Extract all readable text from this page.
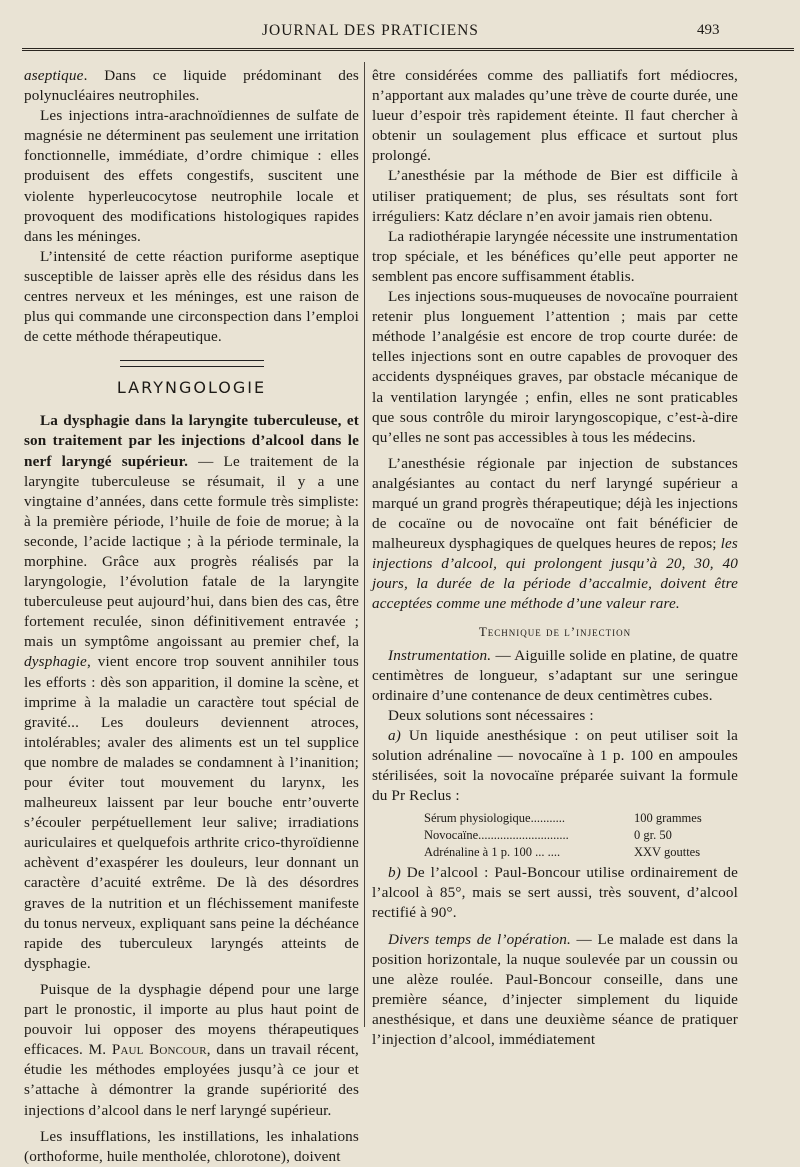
JOURNAL DES PRATICIENS	493

aseptique. Dans ce liquide prédominant des polynucléaires neutrophiles.

Les injections intra-arachnoïdiennes de sulfate de magnésie ne déterminent pas seulement une irritation fonctionnelle, immédiate, d’ordre chimique : elles produisent des effets congestifs, suscitent une violente hyperleucocytose neutrophile locale et provoquent des modifications histologiques rapides dans les méninges.

L’intensité de cette réaction puriforme aseptique susceptible de laisser après elle des résidus dans les centres nerveux et les méninges, est une raison de plus qui commande une circonspection dans l’emploi de cette méthode thérapeutique.

LARYNGOLOGIE

La dysphagie dans la laryngite tuberculeuse, et son traitement par les injections d’alcool dans le nerf laryngé supérieur. — Le traitement de la laryngite tuberculeuse se résumait, il y a une vingtaine d’années, dans cette formule très simpliste: à la première période, l’huile de foie de morue; à la seconde, l’acide lactique ; à la période terminale, la morphine. Grâce aux progrès réalisés par la laryngologie, l’évolution fatale de la laryngite tuberculeuse peut aujourd’hui, dans bien des cas, être fortement reculée, sinon définitivement entravée ; mais un symptôme angoissant au premier chef, la dysphagie, vient encore trop souvent annihiler tous les efforts : dès son apparition, il domine la scène, et imprime à la maladie un caractère tout spécial de gravité... Les douleurs deviennent atroces, intolérables; avaler des aliments est un tel supplice que nombre de malades se condamnent à l’inanition; pour éviter tout mouvement du larynx, les malheureux laissent par leur bouche entr’ouverte s’écouler perpétuellement leur salive; irradiations auriculaires et quelquefois arthrite crico-thyroïdienne achèvent d’exaspérer les douleurs, leur donnant un caractère d’acuité extrême. De là des désordres graves de la nutrition et un fléchissement manifeste du tonus nerveux, expliquant sans peine la déchéance rapide des tuberculeux laryngés atteints de dysphagie.

Puisque de la dysphagie dépend pour une large part le pronostic, il importe au plus haut point de pouvoir lui opposer des moyens thérapeutiques efficaces. M. Paul Boncour, dans un travail récent, étudie les méthodes employées jusqu’à ce jour et s’attache à démontrer la grande supériorité des injections d’alcool dans le nerf laryngé supérieur.

Les insufflations, les instillations, les inhalations (orthoforme, huile mentholée, chlorotone), doivent

être considérées comme des palliatifs fort médiocres, n’apportant aux malades qu’une trève de courte durée, une lueur d’espoir très rapidement éteinte. Il faut chercher à obtenir un soulagement plus efficace et surtout plus prolongé.

L’anesthésie par la méthode de Bier est difficile à utiliser pratiquement; de plus, ses résultats sont fort irréguliers: Katz déclare n’en avoir jamais rien obtenu.

La radiothérapie laryngée nécessite une instrumentation trop spéciale, et les bénéfices qu’elle peut apporter ne semblent pas encore suffisamment établis.

Les injections sous-muqueuses de novocaïne pourraient retenir plus longuement l’attention ; mais par cette méthode l’analgésie est encore de trop courte durée: de telles injections sont en outre capables de provoquer des accidents dyspnéiques graves, par obstacle mécanique de la ventilation laryngée ; enfin, elles ne sont praticables que sous contrôle du miroir laryngoscopique, c’est-à-dire qu’elles ne sont pas accessibles à tous les médecins.

L’anesthésie régionale par injection de substances analgésiantes au contact du nerf laryngé supérieur a marqué un grand progrès thérapeutique; déjà les injections de cocaïne ou de novocaïne ont fait bénéficier de malheureux dysphagiques de quelques heures de repos; les injections d’alcool, qui prolongent jusqu’à 20, 30, 40 jours, la durée de la période d’accalmie, doivent être acceptées comme une méthode d’une valeur rare.

Technique de l’injection

Instrumentation. — Aiguille solide en platine, de quatre centimètres de longueur, s’adaptant sur une seringue ordinaire d’une contenance de deux centimètres cubes.

Deux solutions sont nécessaires :

a) Un liquide anesthésique : on peut utiliser soit la solution adrénaline — novocaïne à 1 p. 100 en ampoules stérilisées, soit la novocaïne préparée suivant la formule du Pr Reclus :

Sérum physiologique...........	100 grammes
Novocaïne.............................	0 gr. 50
Adrénaline à 1 p. 100 ... ....	XXV gouttes

b) De l’alcool : Paul-Boncour utilise ordinairement de l’alcool à 85°, mais se sert aussi, très souvent, d’alcool rectifié à 90°.

Divers temps de l’opération. — Le malade est dans la position horizontale, la nuque soulevée par un coussin ou une alèze roulée. Paul-Boncour conseille, dans une première séance, d’injecter simplement du liquide anesthésique, et dans une deuxième séance de pratiquer l’injection d’alcool, immédiatement
